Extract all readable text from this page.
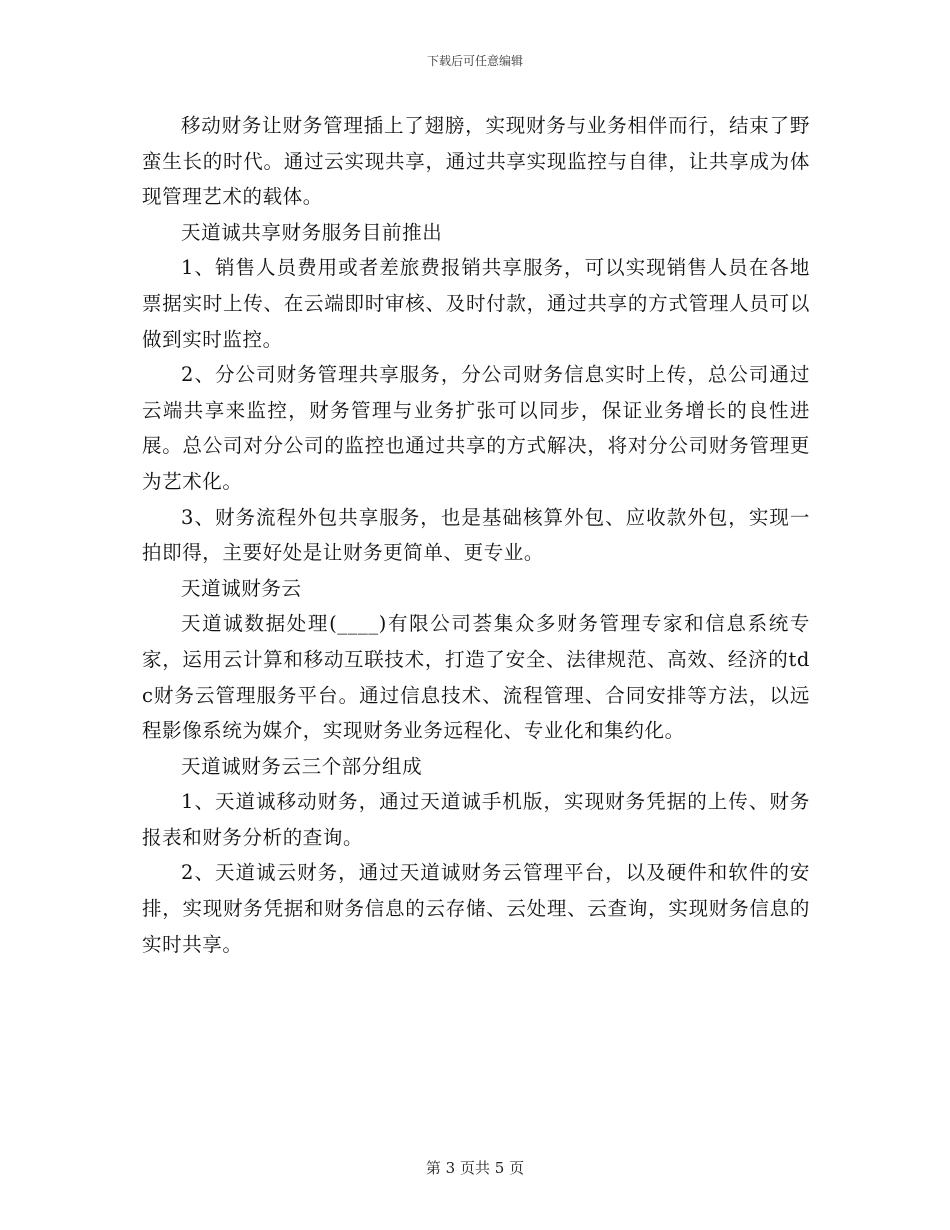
下载后可任意编辑

移动财务让财务管理插上了翅膀，实现财务与业务相伴而行，结束了野蛮生长的时代。通过云实现共享，通过共享实现监控与自律，让共享成为体现管理艺术的载体。

天道诚共享财务服务目前推出

1、销售人员费用或者差旅费报销共享服务，可以实现销售人员在各地票据实时上传、在云端即时审核、及时付款，通过共享的方式管理人员可以做到实时监控。

2、分公司财务管理共享服务，分公司财务信息实时上传，总公司通过云端共享来监控，财务管理与业务扩张可以同步，保证业务增长的良性进展。总公司对分公司的监控也通过共享的方式解决，将对分公司财务管理更为艺术化。

3、财务流程外包共享服务，也是基础核算外包、应收款外包，实现一拍即得，主要好处是让财务更简单、更专业。

天道诚财务云

天道诚数据处理(____)有限公司荟集众多财务管理专家和信息系统专家，运用云计算和移动互联技术，打造了安全、法律规范、高效、经济的tdc财务云管理服务平台。通过信息技术、流程管理、合同安排等方法，以远程影像系统为媒介，实现财务业务远程化、专业化和集约化。

天道诚财务云三个部分组成

1、天道诚移动财务，通过天道诚手机版，实现财务凭据的上传、财务报表和财务分析的查询。

2、天道诚云财务，通过天道诚财务云管理平台，以及硬件和软件的安排，实现财务凭据和财务信息的云存储、云处理、云查询，实现财务信息的实时共享。

第 3 页共 5 页
